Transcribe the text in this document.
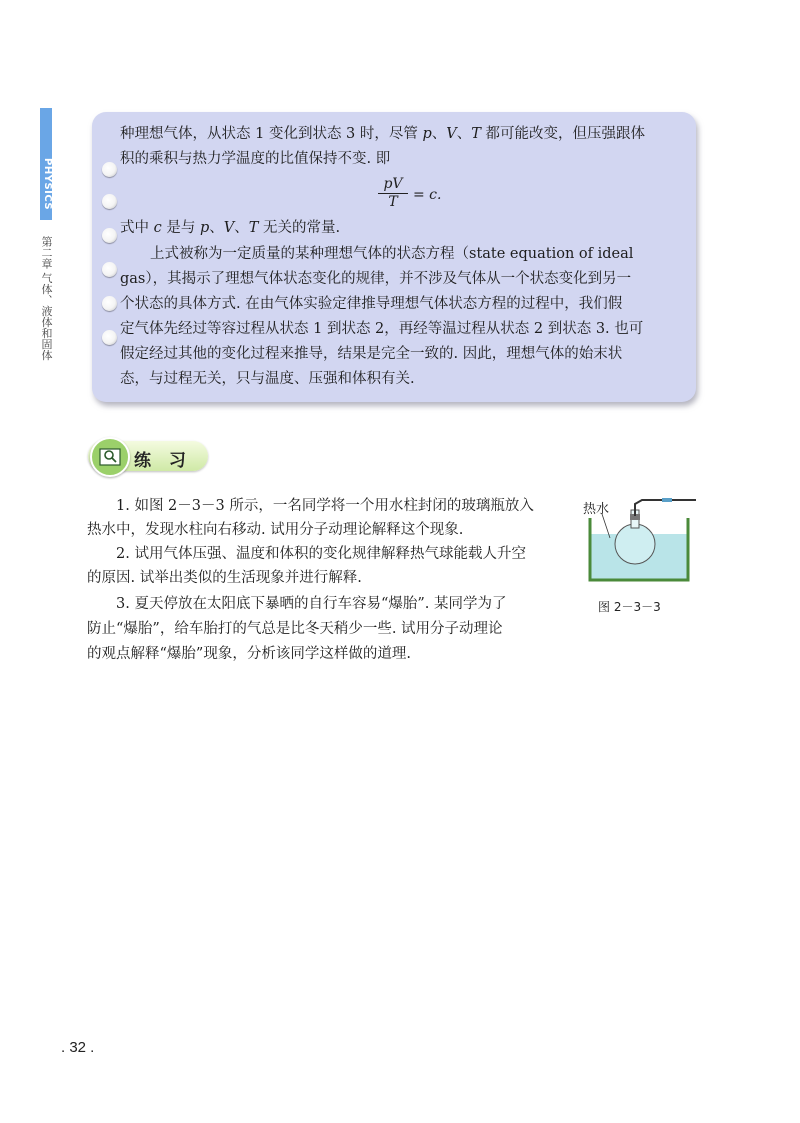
PHYSICS
第二章 气体、液体和固体
种理想气体，从状态 1 变化到状态 3 时，尽管 p、V、T 都可能改变，但压强跟体
积的乘积与热力学温度的比值保持不变. 即
$\frac{pV}{T} = c$.
式中 c 是与 p、V、T 无关的常量.
上式被称为一定质量的某种理想气体的状态方程（state equation of ideal
gas），其揭示了理想气体状态变化的规律，并不涉及气体从一个状态变化到另一
个状态的具体方式. 在由气体实验定律推导理想气体状态方程的过程中，我们假
定气体先经过等容过程从状态 1 到状态 2，再经等温过程从状态 2 到状态 3. 也可
假定经过其他的变化过程来推导，结果是完全一致的. 因此，理想气体的始末状
态，与过程无关，只与温度、压强和体积有关.
练 习
1. 如图 2－3－3 所示，一名同学将一个用水柱封闭的玻璃瓶放入
热水中，发现水柱向右移动. 试用分子动理论解释这个现象.
2. 试用气体压强、温度和体积的变化规律解释热气球能载人升空
的原因. 试举出类似的生活现象并进行解释.
3. 夏天停放在太阳底下暴晒的自行车容易“爆胎”. 某同学为了
防止“爆胎”，给车胎打的气总是比冬天稍少一些. 试用分子动理论
的观点解释“爆胎”现象，分析该同学这样做的道理.
热水
图 2－3－3
. 32 .
